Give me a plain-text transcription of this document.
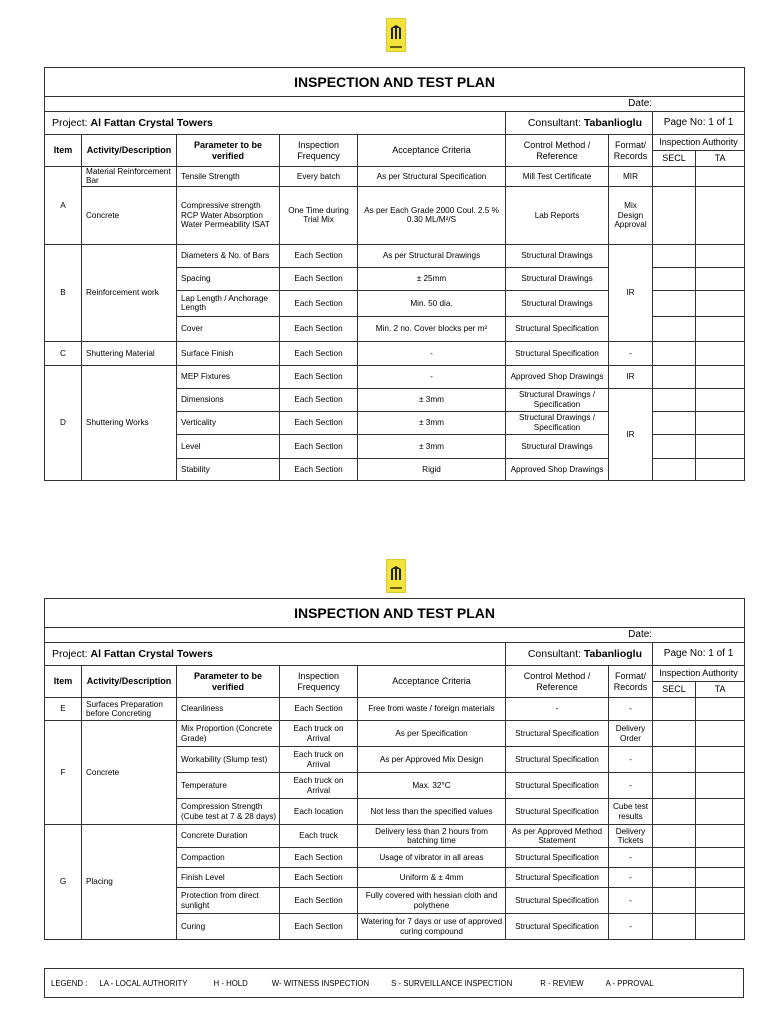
INSPECTION AND TEST PLAN								
Date:								
Project: Al Fattan Crystal Towers					Consultant: Tabanlioglu		Page No: 1 of 1	
Item	Activity/Description	Parameter to be verified	Inspection Frequency	Acceptance Criteria	Control Method / Reference	Format/ Records	Inspection Authority	
							SECL	TA
A	Material Reinforcement Bar	Tensile Strength	Every batch	As per Structural Specification	Mill Test Certificate	MIR		
	Concrete	Compressive strength RCP Water Absorption Water Permeability ISAT	One Time during Trial Mix	As per Each Grade 2000 Coul. 2.5 % 0.30 ML/M²/S	Lab Reports	Mix Design Approval		
B	Reinforcement work	Diameters & No. of Bars	Each Section	As per Structural Drawings	Structural Drawings	IR		
		Spacing	Each Section	± 25mm	Structural Drawings			
		Lap Length / Anchorage Length	Each Section	Min. 50 dia.	Structural Drawings			
		Cover	Each Section	Min. 2 no. Cover blocks per m²	Structural Specification			
C	Shuttering Material	Surface Finish	Each Section	-	Structural Specification	-		
D	Shuttering Works	MEP Fixtures	Each Section	-	Approved Shop Drawings	IR		
		Dimensions	Each Section	± 3mm	Structural Drawings / Specification	IR		
		Verticality	Each Section	± 3mm	Structural Drawings / Specification			
		Level	Each Section	± 3mm	Structural Drawings			
		Stability	Each Section	Rigid	Approved Shop Drawings			
INSPECTION AND TEST PLAN								
Date:								
Project: Al Fattan Crystal Towers					Consultant: Tabanlioglu		Page No: 1 of 1	
Item	Activity/Description	Parameter to be verified	Inspection Frequency	Acceptance Criteria	Control Method / Reference	Format/ Records	Inspection Authority	
							SECL	TA
E	Surfaces Preparation before Concreting	Cleanliness	Each Section	Free from waste / foreign materials	-	-		
F	Concrete	Mix Proportion (Concrete Grade)	Each truck on Arrival	As per Specification	Structural Specification	Delivery Order		
		Workability (Slump test)	Each truck on Arrival	As per Approved Mix Design	Structural Specification	-		
		Temperature	Each truck on Arrival	Max. 32°C	Structural Specification	-		
		Compression Strength (Cube test at 7 & 28 days)	Each location	Not less than the specified values	Structural Specification	Cube test results		
G	Placing	Concrete Duration	Each truck	Delivery less than 2 hours from batching time	As per Approved Method Statement	Delivery Tickets		
		Compaction	Each Section	Usage of vibrator in all areas	Structural Specification	-		
		Finish Level	Each Section	Uniform & ± 4mm	Structural Specification	-		
		Protection from direct sunlight	Each Section	Fully covered with hessian cloth and polythene	Structural Specification	-		
		Curing	Each Section	Watering for 7 days or use of approved curing compound	Structural Specification	-		
LEGEND : LA - LOCAL AUTHORITY	H - HOLD	W- WITNESS INSPECTION	S - SURVEILLANCE INSPECTION	R - REVIEW	A - PPROVAL
